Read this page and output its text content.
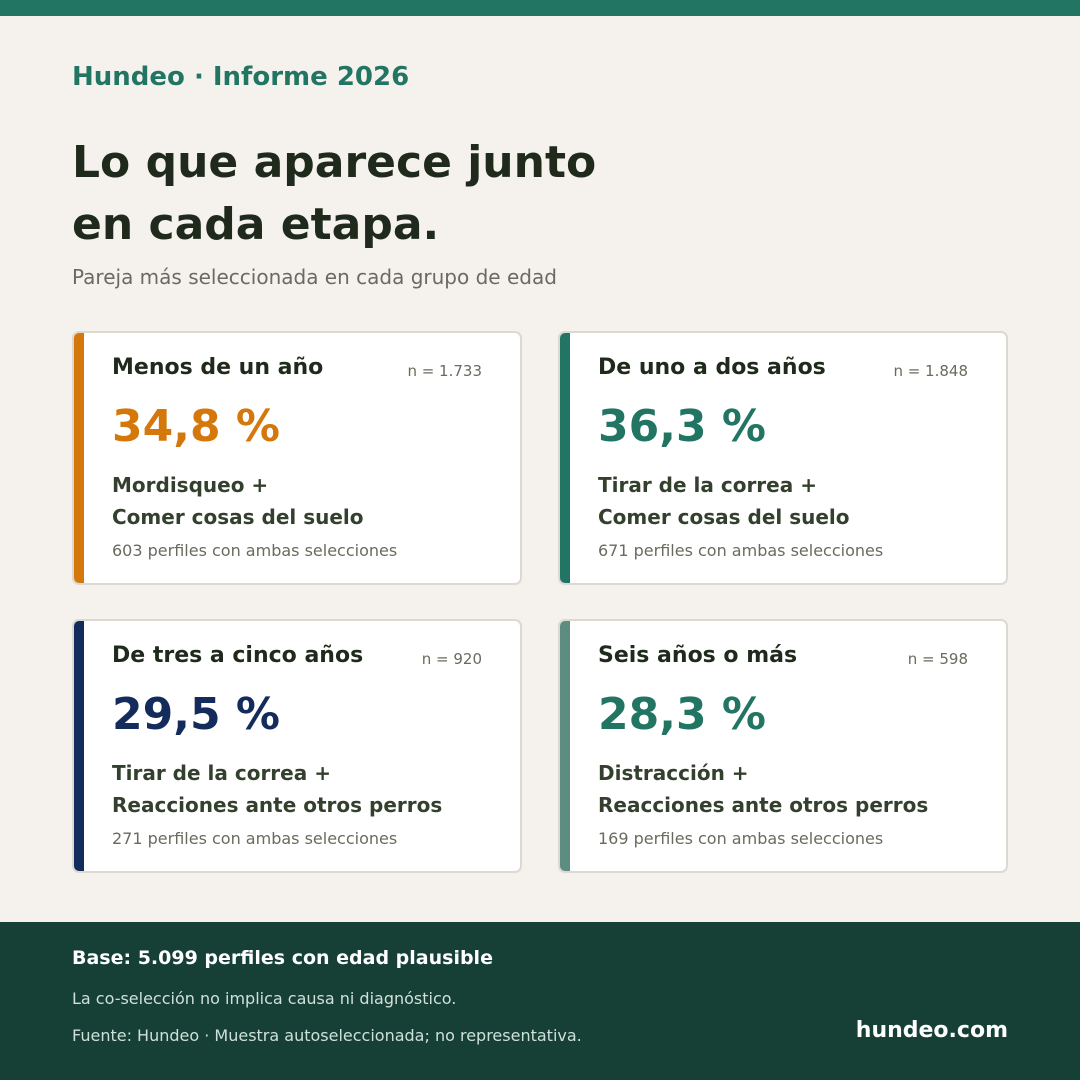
Hundeo · Informe 2026
Lo que aparece junto
en cada etapa.
Pareja más seleccionada en cada grupo de edad
Menos de un año	n = 1.733
34,8 %
Mordisqueo +
Comer cosas del suelo
603 perfiles con ambas selecciones
De uno a dos años	n = 1.848
36,3 %
Tirar de la correa +
Comer cosas del suelo
671 perfiles con ambas selecciones
De tres a cinco años	n = 920
29,5 %
Tirar de la correa +
Reacciones ante otros perros
271 perfiles con ambas selecciones
Seis años o más	n = 598
28,3 %
Distracción +
Reacciones ante otros perros
169 perfiles con ambas selecciones
Base: 5.099 perfiles con edad plausible
La co-selección no implica causa ni diagnóstico.
Fuente: Hundeo · Muestra autoseleccionada; no representativa.	hundeo.com
